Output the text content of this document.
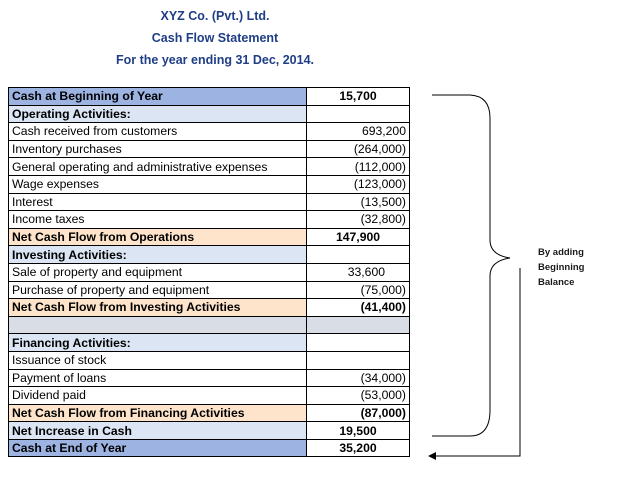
XYZ Co. (Pvt.) Ltd.
Cash Flow Statement
For the year ending 31 Dec, 2014.
Cash at Beginning of Year	15,700
Operating Activities:	
Cash received from customers	693,200
Inventory purchases	(264,000)
General operating and administrative expenses	(112,000)
Wage expenses	(123,000)
Interest	(13,500)
Income taxes	(32,800)
Net Cash Flow from Operations	147,900
Investing Activities:	
Sale of property and equipment	33,600
Purchase of property and equipment	(75,000)
Net Cash Flow from Investing Activities	(41,400)

Financing Activities:	
Issuance of stock	
Payment of loans	(34,000)
Dividend paid	(53,000)
Net Cash Flow from Financing Activities	(87,000)
Net Increase in Cash	19,500
Cash at End of Year	35,200
By adding
Beginning
Balance
